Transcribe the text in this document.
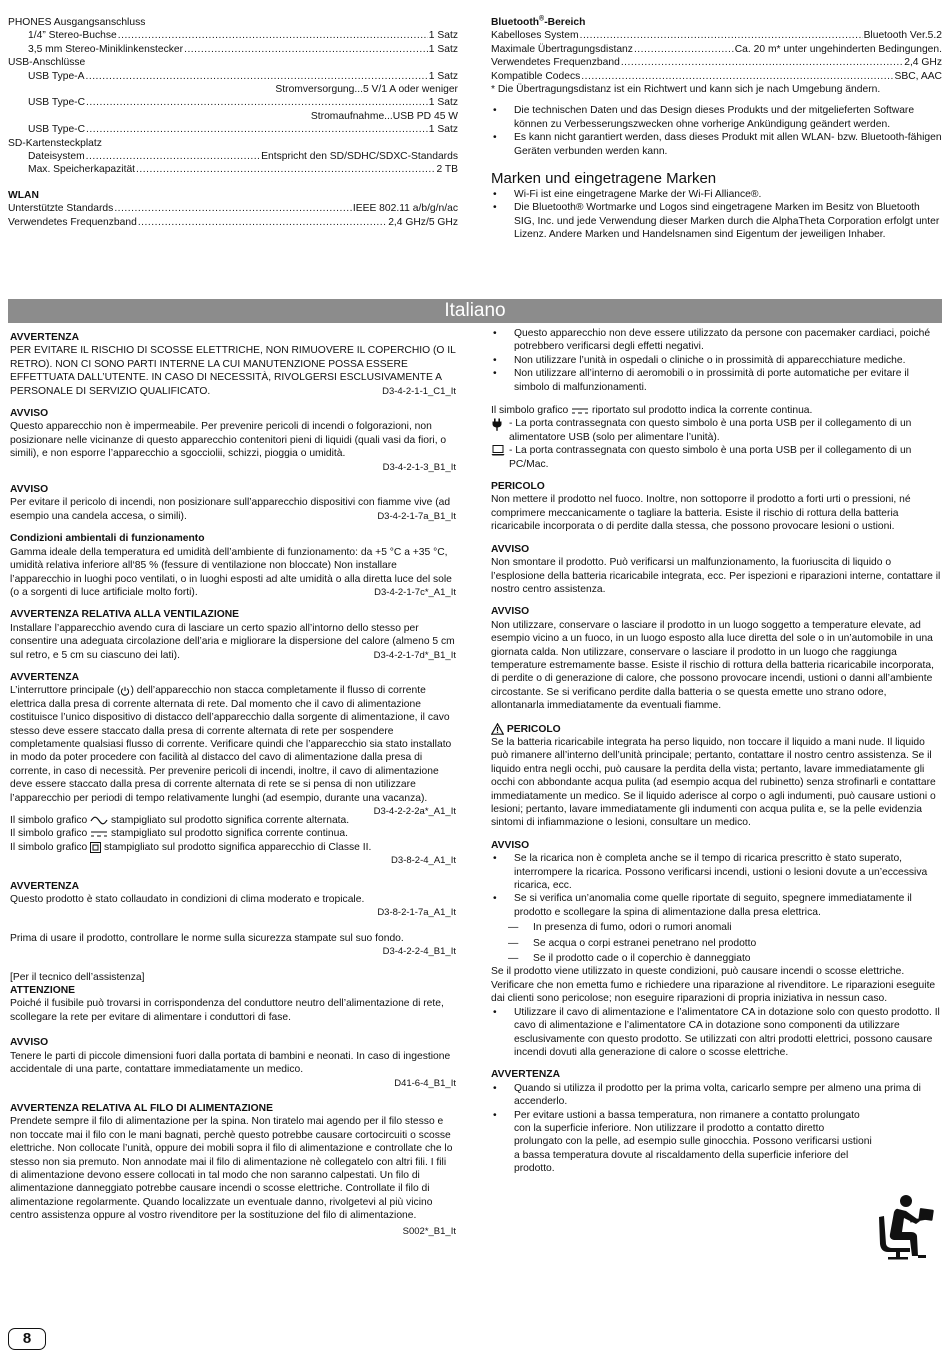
PHONES Ausgangsanschluss
1/4” Stereo-Buchse .....	1 Satz
3,5 mm Stereo-Miniklinkenstecker .....	1 Satz
USB-Anschlüsse
USB Type-A .....	1 Satz
Stromversorgung...5 V/1 A oder weniger
USB Type-C .....	1 Satz
Stromaufnahme...USB PD 45 W
USB Type-C .....	1 Satz
SD-Kartensteckplatz
Dateisystem .....	Entspricht den SD/SDHC/SDXC-Standards
Max. Speicherkapazität .....	2 TB
WLAN
Unterstützte Standards .....	IEEE 802.11 a/b/g/n/ac
Verwendetes Frequenzband .....	2,4 GHz/5 GHz
Bluetooth®-Bereich
Kabelloses System .....	Bluetooth Ver.5.2
Maximale Übertragungsdistanz .....	Ca. 20 m* unter ungehinderten Bedingungen.
Verwendetes Frequenzband .....	2,4 GHz
Kompatible Codecs .....	SBC, AAC
* Die Übertragungsdistanz ist ein Richtwert und kann sich je nach Umgebung ändern.
• Die technischen Daten und das Design dieses Produkts und der mitgelieferten Software können zu Verbesserungszwecken ohne vorherige Ankündigung geändert werden.
• Es kann nicht garantiert werden, dass dieses Produkt mit allen WLAN- bzw. Bluetooth-fähigen Geräten verbunden werden kann.
Marken und eingetragene Marken
• Wi-Fi ist eine eingetragene Marke der Wi-Fi Alliance®.
• Die Bluetooth® Wortmarke und Logos sind eingetragene Marken im Besitz von Bluetooth SIG, Inc. und jede Verwendung dieser Marken durch die AlphaTheta Corporation erfolgt unter Lizenz. Andere Marken und Handelsnamen sind Eigentum der jeweiligen Inhaber.
Italiano
AVVERTENZA

PER EVITARE IL RISCHIO DI SCOSSE ELETTRICHE, NON RIMUOVERE IL COPERCHIO (O IL RETRO). NON CI SONO PARTI INTERNE LA CUI MANUTENZIONE POSSA ESSERE EFFETTUATA DALL’UTENTE. IN CASO DI NECESSITÀ, RIVOLGERSI ESCLUSIVAMENTE A PERSONALE DI SERVIZIO QUALIFICATO.	D3-4-2-1-1_C1_It

AVVISO

Questo apparecchio non è impermeabile. Per prevenire pericoli di incendi o folgorazioni, non posizionare nelle vicinanze di questo apparecchio contenitori pieni di liquidi (quali vasi da fiori, o simili), e non esporre l’apparecchio a sgocciolii, schizzi, pioggia o umidità.

D3-4-2-1-3_B1_It
AVVISO

Per evitare il pericolo di incendi, non posizionare sull’apparecchio dispositivi con fiamme vive (ad esempio una candela accesa, o simili).	D3-4-2-1-7a_B1_It

Condizioni ambientali di funzionamento

Gamma ideale della temperatura ed umidità dell’ambiente di funzionamento: da +5 °C a +35 °C, umidità relativa inferiore all‘85 % (fessure di ventilazione non bloccate) Non installare l’apparecchio in luoghi poco ventilati, o in luoghi esposti ad alte umidità o alla diretta luce del sole (o a sorgenti di luce artificiale molto forti).	D3-4-2-1-7c*_A1_It

AVVERTENZA RELATIVA ALLA VENTILAZIONE

Installare l’apparecchio avendo cura di lasciare un certo spazio all’intorno dello stesso per consentire una adeguata circolazione dell’aria e migliorare la dispersione del calore (almeno 5 cm sul retro, e 5 cm su ciascuno dei lati).	D3-4-2-1-7d*_B1_It

AVVERTENZA

L’interruttore principale ( ) dell’apparecchio non stacca completamente il flusso di corrente elettrica dalla presa di corrente alternata di rete. Dal momento che il cavo di alimentazione costituisce l’unico dispositivo di distacco dell’apparecchio dalla sorgente di alimentazione, il cavo stesso deve essere staccato dalla presa di corrente alternata di rete per sospendere completamente qualsiasi flusso di corrente. Verificare quindi che l’apparecchio sia stato installato in modo da poter procedere con facilità al distacco del cavo di alimentazione dalla presa di corrente, in caso di necessità. Per prevenire pericoli di incendi, inoltre, il cavo di alimentazione deve essere staccato dalla presa di corrente alternata di rete se si pensa di non utilizzare l’apparecchio per periodi di tempo relativamente lunghi (ad esempio, durante una vacanza).
D3-4-2-2-2a*_A1_It

Il simbolo grafico stampigliato sul prodotto significa corrente alternata.
Il simbolo grafico stampigliato sul prodotto significa corrente continua.
Il simbolo grafico stampigliato sul prodotto significa apparecchio di Classe II.
D3-8-2-4_A1_It
AVVERTENZA

Questo prodotto è stato collaudato in condizioni di clima moderato e tropicale.

D3-8-2-1-7a_A1_It

Prima di usare il prodotto, controllare le norme sulla sicurezza stampate sul suo fondo.

D3-4-2-2-4_B1_It
[Per il tecnico dell’assistenza]
ATTENZIONE

Poiché il fusibile può trovarsi in corrispondenza del conduttore neutro dell’alimentazione di rete, scollegare la rete per evitare di alimentare i conduttori di fase.

AVVISO

Tenere le parti di piccole dimensioni fuori dalla portata di bambini e neonati. In caso di ingestione accidentale di una parte, contattare immediatamente un medico.

D41-6-4_B1_It
AVVERTENZA RELATIVA AL FILO DI ALIMENTAZIONE

Prendete sempre il filo di alimentazione per la spina. Non tiratelo mai agendo per il filo stesso e non toccate mai il filo con le mani bagnati, perchè questo potrebbe causare cortocircuiti o scosse elettriche. Non collocate l’unità, oppure dei mobili sopra il filo di alimentazione e controllate che lo stesso non sia premuto. Non annodate mai il filo di alimentazione nè collegatelo con altri fili. I fili di alimentazione devono essere collocati in tal modo che non saranno calpestati. Un filo di alimentazione danneggiato potrebbe causare incendi o scosse elettriche. Controllate il filo di alimentazione regolarmente. Quando localizzate un eventuale danno, rivolgetevi al più vicino centro assistenza oppure al vostro rivenditore per la sostituzione del filo di alimentazione.

S002*_B1_It
• Questo apparecchio non deve essere utilizzato da persone con pacemaker cardiaci, poiché potrebbero verificarsi degli effetti negativi.
• Non utilizzare l’unità in ospedali o cliniche o in prossimità di apparecchiature mediche.
• Non utilizzare all’interno di aeromobili o in prossimità di porte automatiche per evitare il simbolo di malfunzionamenti.
Il simbolo grafico riportato sul prodotto indica la corrente continua.
- La porta contrassegnata con questo simbolo è una porta USB per il collegamento di un alimentatore USB (solo per alimentare l’unità).
- La porta contrassegnata con questo simbolo è una porta USB per il collegamento di un PC/Mac.
PERICOLO

Non mettere il prodotto nel fuoco. Inoltre, non sottoporre il prodotto a forti urti o pressioni, né comprimere meccanicamente o tagliare la batteria. Esiste il rischio di rottura della batteria ricaricabile incorporata o di perdite dalla stessa, che possono provocare lesioni o ustioni.

AVVISO

Non smontare il prodotto. Può verificarsi un malfunzionamento, la fuoriuscita di liquido o l’esplosione della batteria ricaricabile integrata, ecc. Per ispezioni e riparazioni interne, contattare il nostro centro assistenza.

AVVISO

Non utilizzare, conservare o lasciare il prodotto in un luogo soggetto a temperature elevate, ad esempio vicino a un fuoco, in un luogo esposto alla luce diretta del sole o in un’automobile in una giornata calda. Non utilizzare, conservare o lasciare il prodotto in un luogo che raggiunga temperature estremamente basse. Esiste il rischio di rottura della batteria ricaricabile incorporata, di perdite o di generazione di calore, che possono provocare incendi, ustioni o danni all’ambiente circostante. Se si verificano perdite dalla batteria o se questa emette uno strano odore, allontanarla immediatamente da eventuali fiamme.

PERICOLO

Se la batteria ricaricabile integrata ha perso liquido, non toccare il liquido a mani nude. Il liquido può rimanere all’interno dell’unità principale; pertanto, contattare il nostro centro assistenza. Se il liquido entra negli occhi, può causare la perdita della vista; pertanto, lavare immediatamente gli occhi con abbondante acqua pulita (ad esempio acqua del rubinetto) senza strofinarli e contattare immediatamente un medico. Se il liquido aderisce al corpo o agli indumenti, può causare ustioni o lesioni; pertanto, lavare immediatamente gli indumenti con acqua pulita e, se la pelle evidenzia sintomi di infiammazione o lesioni, consultare un medico.

AVVISO
• Se la ricarica non è completa anche se il tempo di ricarica prescritto è stato superato, interrompere la ricarica. Possono verificarsi incendi, ustioni o lesioni dovute a un’eccessiva ricarica, ecc.
• Se si verifica un’anomalia come quelle riportate di seguito, spegnere immediatamente il prodotto e scollegare la spina di alimentazione dalla presa elettrica.
— In presenza di fumo, odori o rumori anomali
— Se acqua o corpi estranei penetrano nel prodotto
— Se il prodotto cade o il coperchio è danneggiato

Se il prodotto viene utilizzato in queste condizioni, può causare incendi o scosse elettriche. Verificare che non emetta fumo e richiedere una riparazione al rivenditore. Le riparazioni eseguite dai clienti sono pericolose; non eseguire riparazioni di propria iniziativa in nessun caso.

• Utilizzare il cavo di alimentazione e l’alimentatore CA in dotazione solo con questo prodotto. Il cavo di alimentazione e l’alimentatore CA in dotazione sono componenti da utilizzare esclusivamente con questo prodotto. Se utilizzati con altri prodotti elettrici, possono causare incendi dovuti alla generazione di calore o scosse elettriche.
AVVERTENZA
• Quando si utilizza il prodotto per la prima volta, caricarlo sempre per almeno una prima di accenderlo.
• Per evitare ustioni a bassa temperatura, non rimanere a contatto prolungato con la superficie inferiore. Non utilizzare il prodotto a contatto diretto prolungato con la pelle, ad esempio sulle ginocchia. Possono verificarsi ustioni a bassa temperatura dovute al riscaldamento della superficie inferiore del prodotto.
8
